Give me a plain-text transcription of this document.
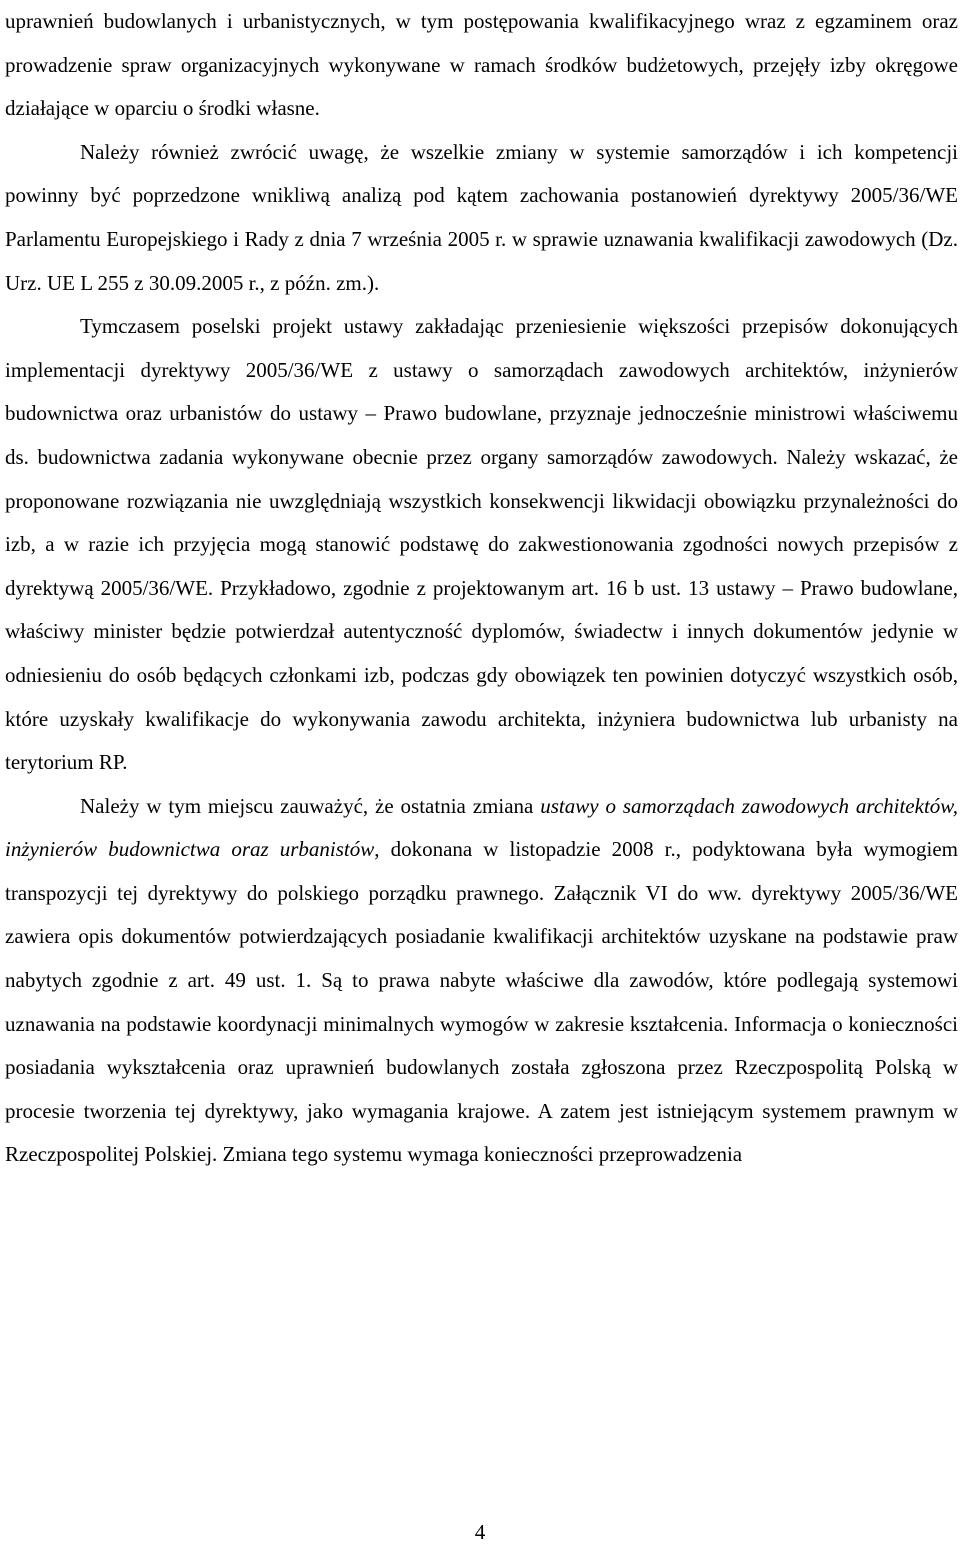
uprawnień budowlanych i urbanistycznych, w tym postępowania kwalifikacyjnego wraz z egzaminem oraz prowadzenie spraw organizacyjnych wykonywane w ramach środków budżetowych, przejęły izby okręgowe działające w oparciu o środki własne.

Należy również zwrócić uwagę, że wszelkie zmiany w systemie samorządów i ich kompetencji powinny być poprzedzone wnikliwą analizą pod kątem zachowania postanowień dyrektywy 2005/36/WE Parlamentu Europejskiego i Rady z dnia 7 września 2005 r. w sprawie uznawania kwalifikacji zawodowych (Dz. Urz. UE L 255 z 30.09.2005 r., z późn. zm.).

Tymczasem poselski projekt ustawy zakładając przeniesienie większości przepisów dokonujących implementacji dyrektywy 2005/36/WE z ustawy o samorządach zawodowych architektów, inżynierów budownictwa oraz urbanistów do ustawy – Prawo budowlane, przyznaje jednocześnie ministrowi właściwemu ds. budownictwa zadania wykonywane obecnie przez organy samorządów zawodowych. Należy wskazać, że proponowane rozwiązania nie uwzględniają wszystkich konsekwencji likwidacji obowiązku przynależności do izb, a w razie ich przyjęcia mogą stanowić podstawę do zakwestionowania zgodności nowych przepisów z dyrektywą 2005/36/WE. Przykładowo, zgodnie z projektowanym art. 16 b ust. 13 ustawy – Prawo budowlane, właściwy minister będzie potwierdzał autentyczność dyplomów, świadectw i innych dokumentów jedynie w odniesieniu do osób będących członkami izb, podczas gdy obowiązek ten powinien dotyczyć wszystkich osób, które uzyskały kwalifikacje do wykonywania zawodu architekta, inżyniera budownictwa lub urbanisty na terytorium RP.

Należy w tym miejscu zauważyć, że ostatnia zmiana ustawy o samorządach zawodowych architektów, inżynierów budownictwa oraz urbanistów, dokonana w listopadzie 2008 r., podyktowana była wymogiem transpozycji tej dyrektywy do polskiego porządku prawnego. Załącznik VI do ww. dyrektywy 2005/36/WE zawiera opis dokumentów potwierdzających posiadanie kwalifikacji architektów uzyskane na podstawie praw nabytych zgodnie z art. 49 ust. 1. Są to prawa nabyte właściwe dla zawodów, które podlegają systemowi uznawania na podstawie koordynacji minimalnych wymogów w zakresie kształcenia. Informacja o konieczności posiadania wykształcenia oraz uprawnień budowlanych została zgłoszona przez Rzeczpospolitą Polską w procesie tworzenia tej dyrektywy, jako wymagania krajowe. A zatem jest istniejącym systemem prawnym w Rzeczpospolitej Polskiej. Zmiana tego systemu wymaga konieczności przeprowadzenia

4
